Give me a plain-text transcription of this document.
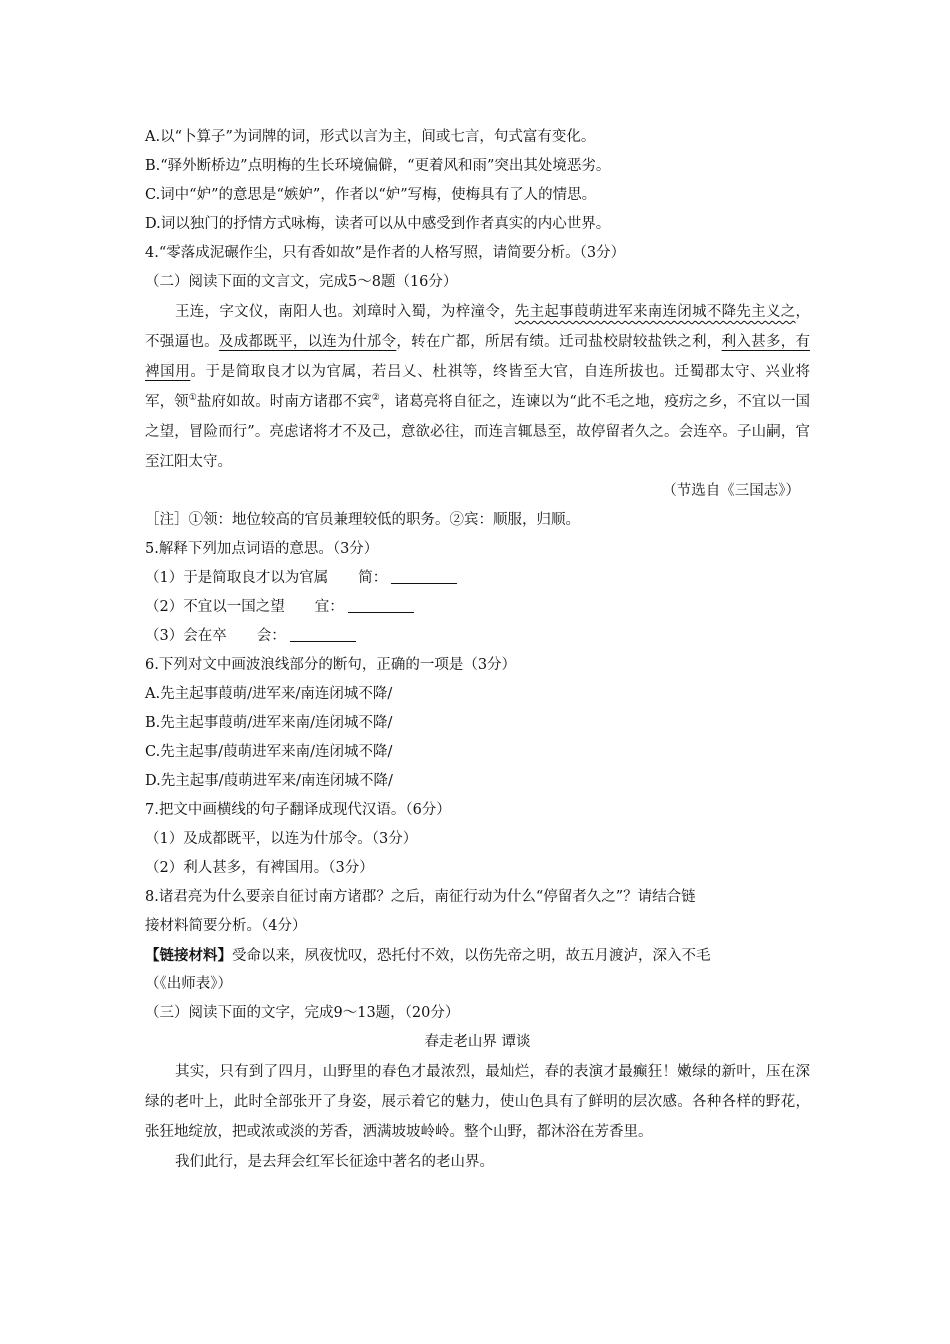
A.以“卜算子”为词牌的词，形式以言为主，间或七言，句式富有变化。
B.“驿外断桥边”点明梅的生长环境偏僻，“更着风和雨”突出其处境恶劣。
C.词中“妒”的意思是“嫉妒”，作者以“妒”写梅，使梅具有了人的情思。
D.词以独门的抒情方式咏梅，读者可以从中感受到作者真实的内心世界。
4.“零落成泥碾作尘，只有香如故”是作者的人格写照，请简要分析。（3分）
（二）阅读下面的文言文，完成5～8题（16分）
王连，字文仪，南阳人也。刘璋时入蜀，为梓潼令，先主起事葭萌进军来南连闭城不降先主义之，不强逼也。及成都既平，以连为什邡令，转在广都，所居有绩。迁司盐校尉较盐铁之利，利入甚多，有裨国用。于是简取良才以为官属，若吕乂、杜祺等，终皆至大官，自连所拔也。迁蜀郡太守、兴业将军，领①盐府如故。时南方诸郡不宾②，诸葛亮将自征之，连谏以为“此不毛之地，疫疠之乡，不宜以一国之望，冒险而行”。亮虑诸将才不及己，意欲必往，而连言辄恳至，故停留者久之。会连卒。子山嗣，官至江阳太守。
（节选自《三国志》）
［注］①领：地位较高的官员兼理较低的职务。②宾：顺服，归顺。
5.解释下列加点词语的意思。（3分）
（1）于是简取良才以为官属 简：
（2）不宜以一国之望 宜：
（3）会在卒 会：
6.下列对文中画波浪线部分的断句，正确的一项是（3分）
A.先主起事葭萌/进军来/南连闭城不降/
B.先主起事葭萌/进军来南/连闭城不降/
C.先主起事/葭萌进军来南/连闭城不降/
D.先主起事/葭萌进军来/南连闭城不降/
7.把文中画横线的句子翻译成现代汉语。（6分）
（1）及成都既平，以连为什邡令。（3分）
（2）利人甚多，有裨国用。（3分）
8.诸君亮为什么要亲自征讨南方诸郡？之后，南征行动为什么“停留者久之”？请结合链
接材料简要分析。（4分）
【链接材料】受命以来，夙夜忧叹，恐托付不效，以伤先帝之明，故五月渡泸，深入不毛
（《出师表》）
（三）阅读下面的文字，完成9～13题，（20分）
春走老山界 谭谈
其实，只有到了四月，山野里的春色才最浓烈，最灿烂，春的表演才最癫狂！嫩绿的新叶，压在深绿的老叶上，此时全部张开了身姿，展示着它的魅力，使山色具有了鲜明的层次感。各种各样的野花，张狂地绽放，把或浓或淡的芳香，洒满坡坡岭岭。整个山野，都沐浴在芳香里。
我们此行，是去拜会红军长征途中著名的老山界。
